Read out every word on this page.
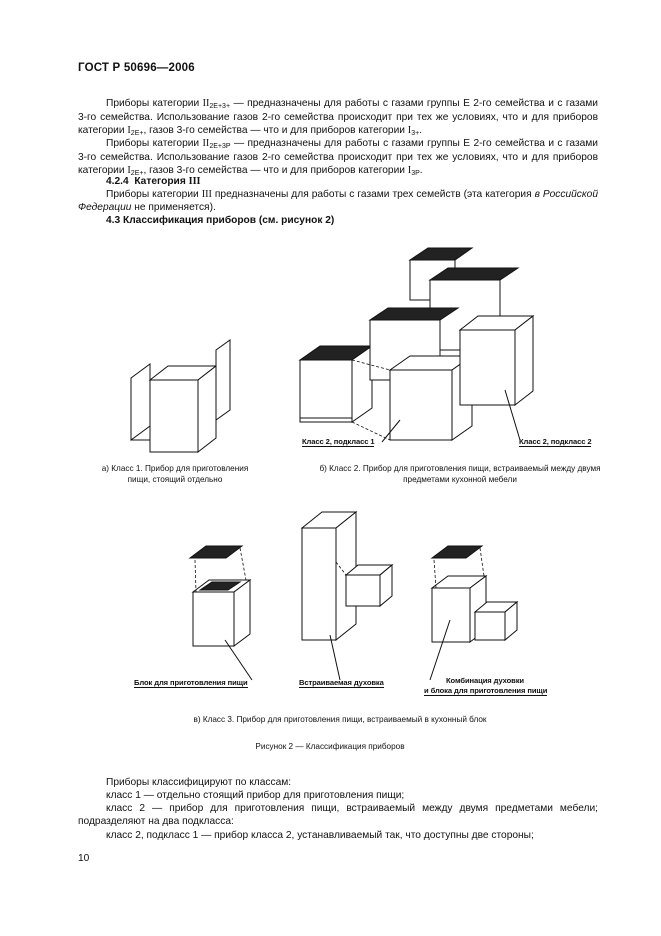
ГОСТ Р 50696—2006
Приборы категории II2E+3+ — предназначены для работы с газами группы Е 2-го семейства и с газами 3-го семейства. Использование газов 2-го семейства происходит при тех же условиях, что и для приборов категории I2E+, газов 3-го семейства — что и для приборов категории I3+.
Приборы категории II2E+3P — предназначены для работы с газами группы Е 2-го семейства и с газами 3-го семейства. Использование газов 2-го семейства происходит при тех же условиях, что и для приборов категории I2E+, газов 3-го семейства — что и для приборов категории I3P.
4.2.4 Категория III
Приборы категории III предназначены для работы с газами трех семейств (эта категория в Российской Федерации не применяется).
4.3 Классификация приборов (см. рисунок 2)
Класс 2, подкласс 1	Класс 2, подкласс 2
а) Класс 1. Прибор для приготовления пищи, стоящий отдельно
б) Класс 2. Прибор для приготовления пищи, встраиваемый между двумя предметами кухонной мебели
Блок для приготовления пищи	Встраиваемая духовка	Комбинация духовки
и блока для приготовления пищи
в) Класс 3. Прибор для приготовления пищи, встраиваемый в кухонный блок
Рисунок 2 — Классификация приборов
Приборы классифицируют по классам:
класс 1 — отдельно стоящий прибор для приготовления пищи;
класс 2 — прибор для приготовления пищи, встраиваемый между двумя предметами мебели; подразделяют на два подкласса:
класс 2, подкласс 1 — прибор класса 2, устанавливаемый так, что доступны две стороны;
10
